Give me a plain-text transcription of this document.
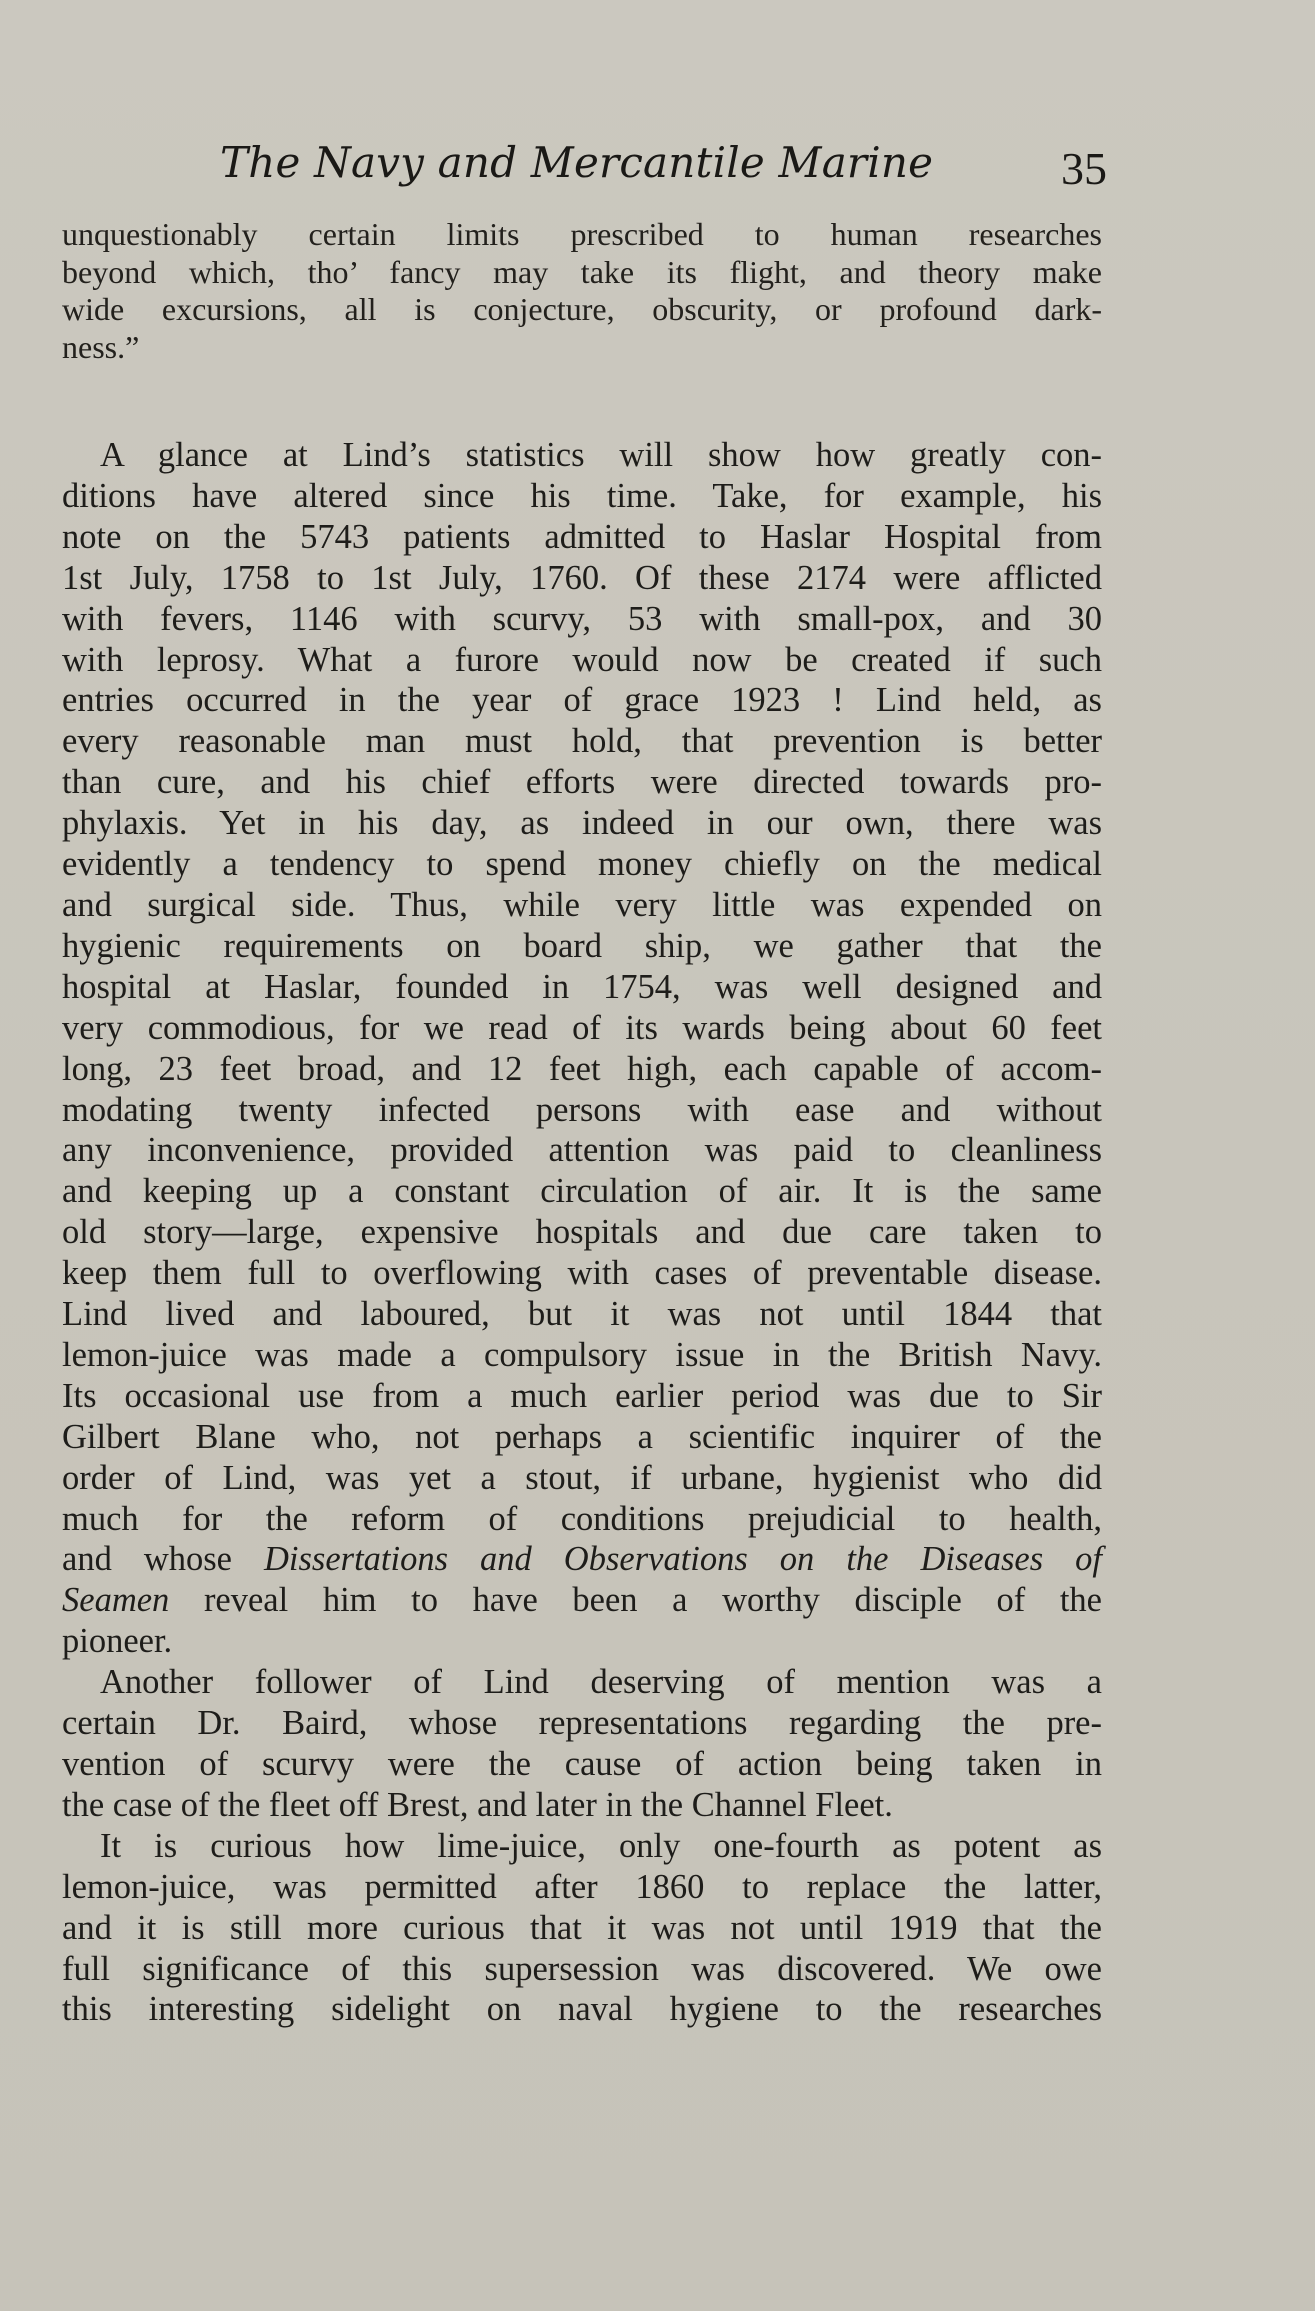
The Navy and Mercantile Marine	35
unquestionably certain limits prescribed to human researches
beyond which, tho’ fancy may take its flight, and theory make
wide excursions, all is conjecture, obscurity, or profound dark-
ness.”
A glance at Lind’s statistics will show how greatly con-
ditions have altered since his time. Take, for example, his
note on the 5743 patients admitted to Haslar Hospital from
1st July, 1758 to 1st July, 1760. Of these 2174 were afflicted
with fevers, 1146 with scurvy, 53 with small-pox, and 30
with leprosy. What a furore would now be created if such
entries occurred in the year of grace 1923 ! Lind held, as
every reasonable man must hold, that prevention is better
than cure, and his chief efforts were directed towards pro-
phylaxis. Yet in his day, as indeed in our own, there was
evidently a tendency to spend money chiefly on the medical
and surgical side. Thus, while very little was expended on
hygienic requirements on board ship, we gather that the
hospital at Haslar, founded in 1754, was well designed and
very commodious, for we read of its wards being about 60 feet
long, 23 feet broad, and 12 feet high, each capable of accom-
modating twenty infected persons with ease and without
any inconvenience, provided attention was paid to cleanliness
and keeping up a constant circulation of air. It is the same
old story—large, expensive hospitals and due care taken to
keep them full to overflowing with cases of preventable disease.
Lind lived and laboured, but it was not until 1844 that
lemon-juice was made a compulsory issue in the British Navy.
Its occasional use from a much earlier period was due to Sir
Gilbert Blane who, not perhaps a scientific inquirer of the
order of Lind, was yet a stout, if urbane, hygienist who did
much for the reform of conditions prejudicial to health,
and whose Dissertations and Observations on the Diseases of
Seamen reveal him to have been a worthy disciple of the
pioneer.
Another follower of Lind deserving of mention was a
certain Dr. Baird, whose representations regarding the pre-
vention of scurvy were the cause of action being taken in
the case of the fleet off Brest, and later in the Channel Fleet.
It is curious how lime-juice, only one-fourth as potent as
lemon-juice, was permitted after 1860 to replace the latter,
and it is still more curious that it was not until 1919 that the
full significance of this supersession was discovered. We owe
this interesting sidelight on naval hygiene to the researches
